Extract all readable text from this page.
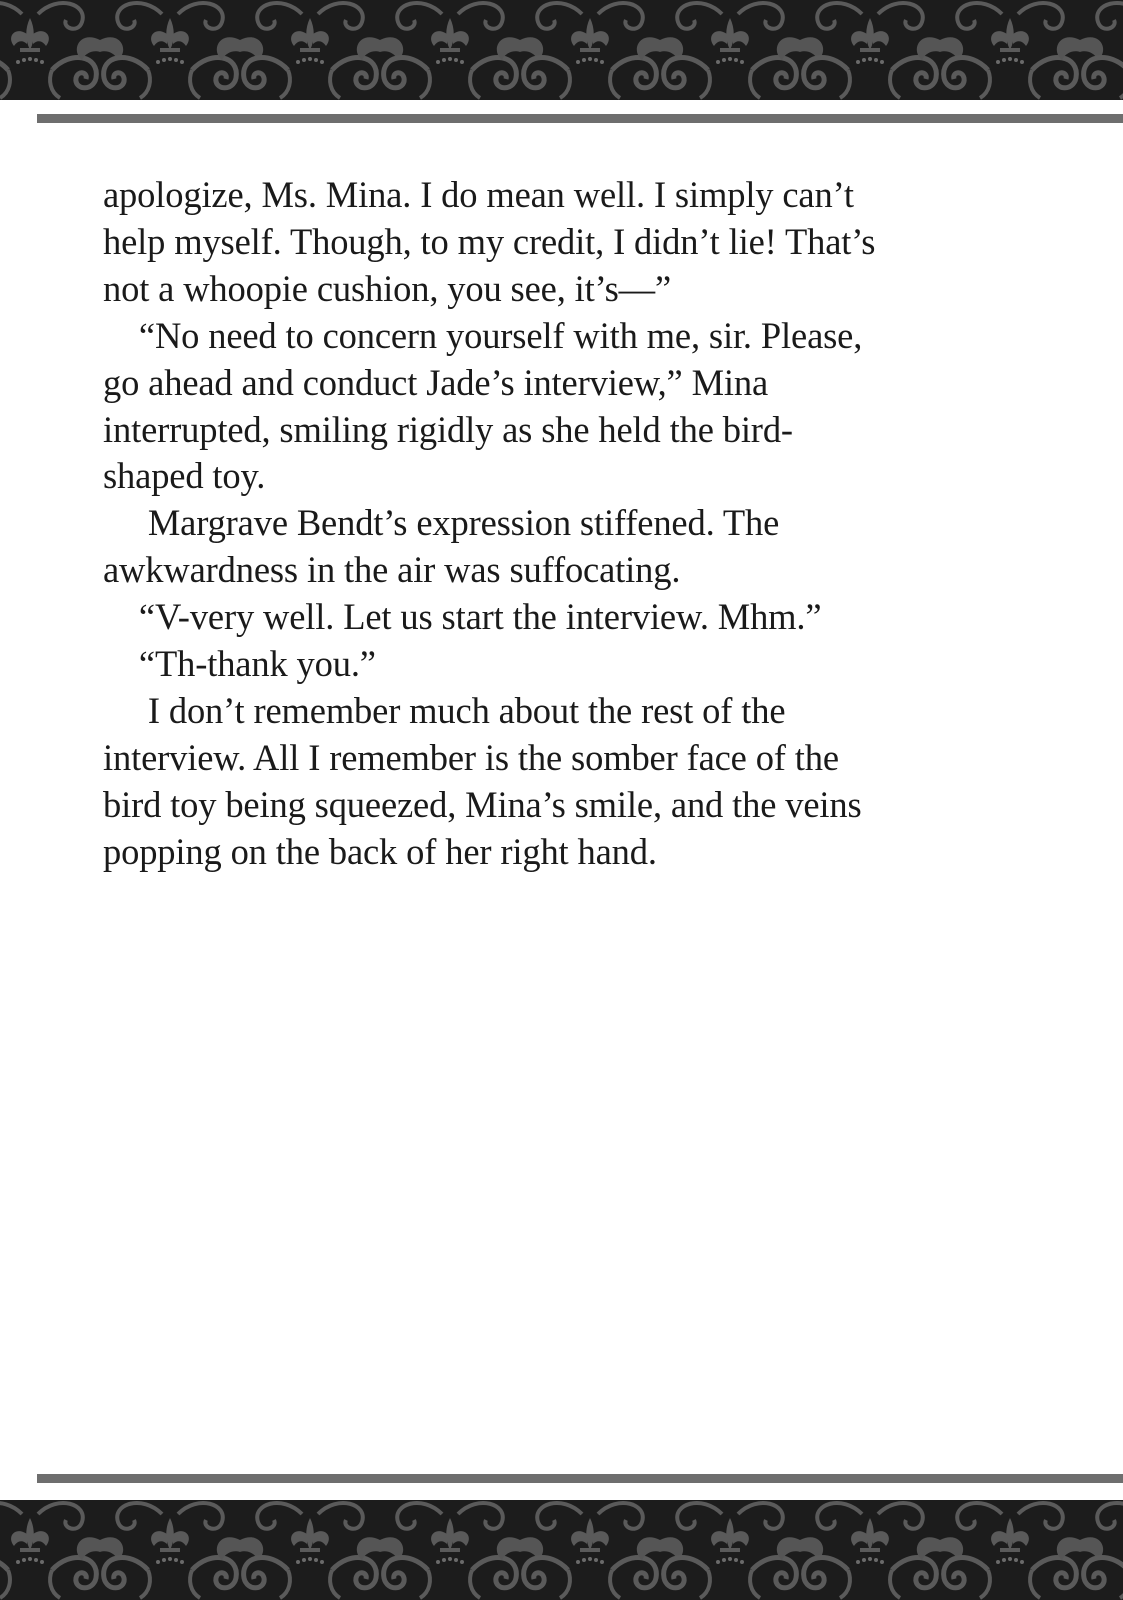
apologize, Ms. Mina. I do mean well. I simply can’t

help myself. Though, to my credit, I didn’t lie! That’s

not a whoopie cushion, you see, it’s—”

“No need to concern yourself with me, sir. Please,

go ahead and conduct Jade’s interview,” Mina

interrupted, smiling rigidly as she held the bird-

shaped toy.

Margrave Bendt’s expression stiffened. The

awkwardness in the air was suffocating.

“V-very well. Let us start the interview. Mhm.”

“Th-thank you.”

I don’t remember much about the rest of the

interview. All I remember is the somber face of the

bird toy being squeezed, Mina’s smile, and the veins

popping on the back of her right hand.
